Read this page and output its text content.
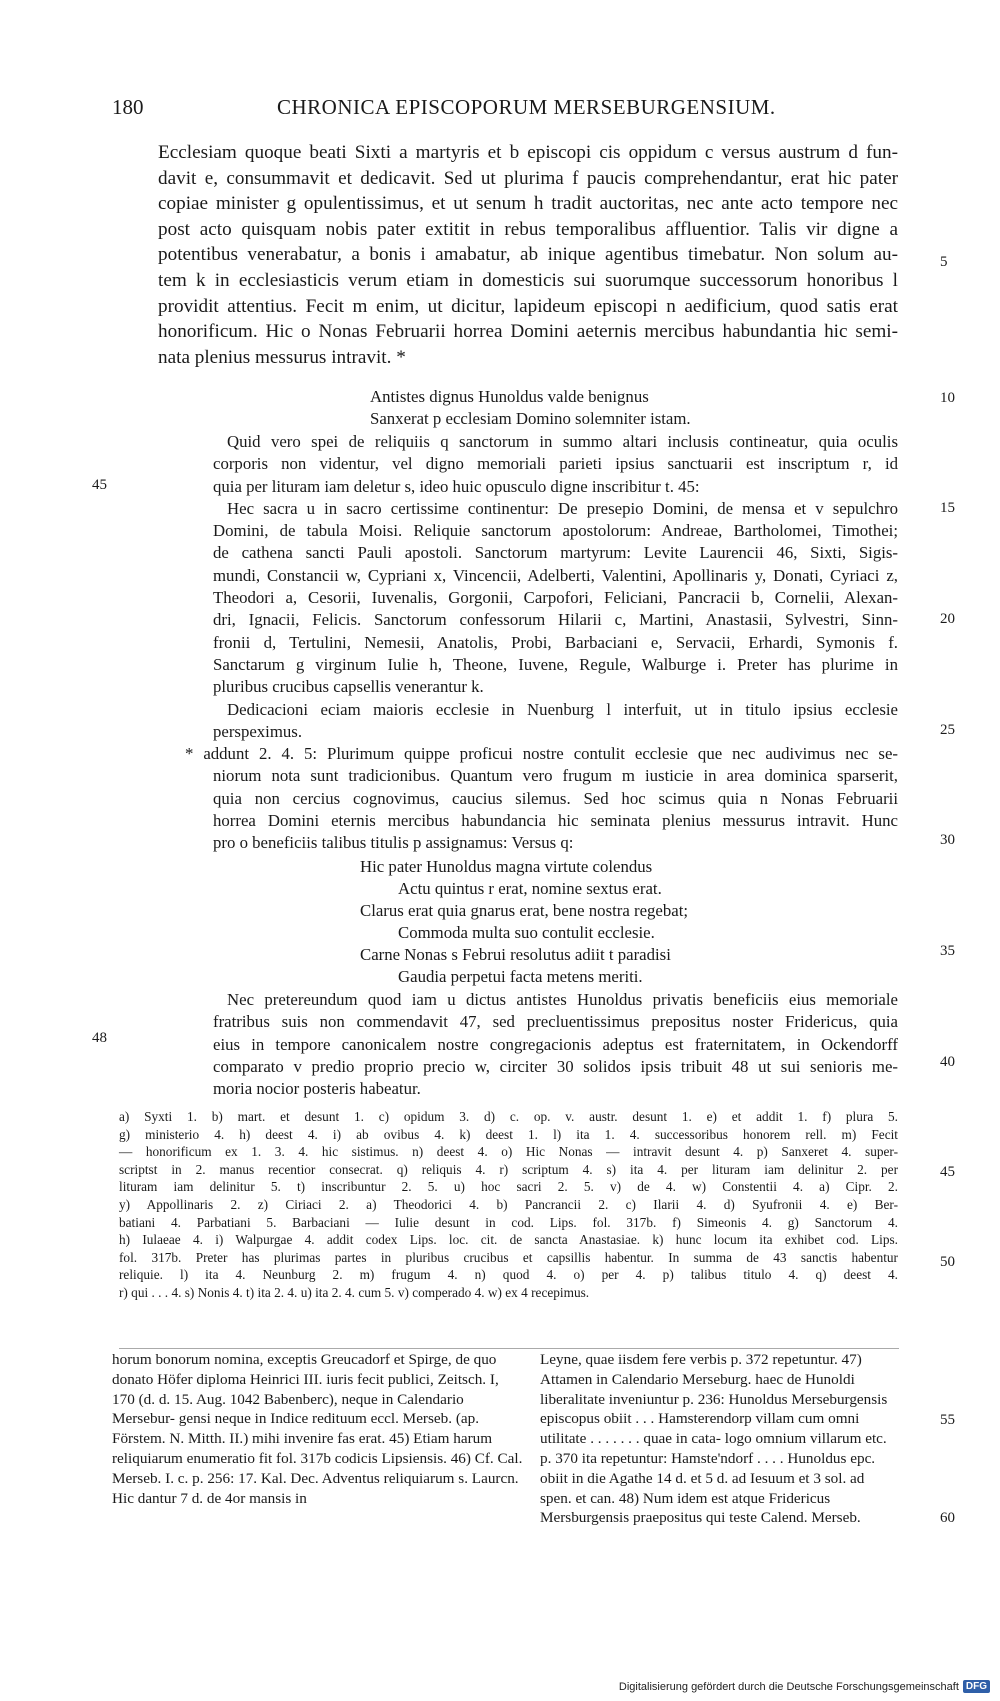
180	CHRONICA EPISCOPORUM MERSEBURGENSIUM.
Ecclesiam quoque beati Sixti a martyris et b episcopi cis oppidum c versus austrum d fun-
davit e, consummavit et dedicavit. Sed ut plurima f paucis comprehendantur, erat hic pater
copiae minister g opulentissimus, et ut senum h tradit auctoritas, nec ante acto tempore nec
post acto quisquam nobis pater extitit in rebus temporalibus affluentior. Talis vir digne a
potentibus venerabatur, a bonis i amabatur, ab inique agentibus timebatur. Non solum au-
tem k in ecclesiasticis verum etiam in domesticis sui suorumque successorum honoribus l
providit attentius. Fecit m enim, ut dicitur, lapideum episcopi n aedificium, quod satis erat
honorificum. Hic o Nonas Februarii horrea Domini aeternis mercibus habundantia hic semi-
nata plenius messurus intravit. *
Antistes dignus Hunoldus valde benignus
Sanxerat p ecclesiam Domino solemniter istam.
Quid vero spei de reliquiis q sanctorum in summo altari inclusis contineatur, quia oculis
corporis non videntur, vel digno memoriali parieti ipsius sanctuarii est inscriptum r, id
quia per lituram iam deletur s, ideo huic opusculo digne inscribitur t. 45:
Hec sacra u in sacro certissime continentur: De presepio Domini, de mensa et v sepulchro
Domini, de tabula Moisi. Reliquie sanctorum apostolorum: Andreae, Bartholomei, Timothei;
de cathena sancti Pauli apostoli. Sanctorum martyrum: Levite Laurencii 46, Sixti, Sigis-
mundi, Constancii w, Cypriani x, Vincencii, Adelberti, Valentini, Apollinaris y, Donati, Cyriaci z,
Theodori a, Cesorii, Iuvenalis, Gorgonii, Carpofori, Feliciani, Pancracii b, Cornelii, Alexan-
dri, Ignacii, Felicis. Sanctorum confessorum Hilarii c, Martini, Anastasii, Sylvestri, Sinn-
fronii d, Tertulini, Nemesii, Anatolis, Probi, Barbaciani e, Servacii, Erhardi, Symonis f.
Sanctarum g virginum Iulie h, Theone, Iuvene, Regule, Walburge i. Preter has plurime in
pluribus crucibus capsellis venerantur k.
Dedicacioni eciam maioris ecclesie in Nuenburg l interfuit, ut in titulo ipsius ecclesie
perspeximus.
* addunt 2. 4. 5: Plurimum quippe proficui nostre contulit ecclesie que nec audivimus nec se-
niorum nota sunt tradicionibus. Quantum vero frugum m iusticie in area dominica sparserit,
quia non cercius cognovimus, caucius silemus. Sed hoc scimus quia n Nonas Februarii
horrea Domini eternis mercibus habundancia hic seminata plenius messurus intravit. Hunc
pro o beneficiis talibus titulis p assignamus: Versus q:
Hic pater Hunoldus magna virtute colendus
Actu quintus r erat, nomine sextus erat.
Clarus erat quia gnarus erat, bene nostra regebat;
Commoda multa suo contulit ecclesie.
Carne Nonas s Februi resolutus adiit t paradisi
Gaudia perpetui facta metens meriti.
Nec pretereundum quod iam u dictus antistes Hunoldus privatis beneficiis eius memoriale
fratribus suis non commendavit 47, sed precluentissimus prepositus noster Fridericus, quia
eius in tempore canonicalem nostre congregacionis adeptus est fraternitatem, in Ockendorff
comparato v predio proprio precio w, circiter 30 solidos ipsis tribuit 48 ut sui senioris me-
moria nocior posteris habeatur.
a) Syxti 1. b) mart. et desunt 1. c) opidum 3. d) c. op. v. austr. desunt 1. e) et addit 1. f) plura 5.
g) ministerio 4. h) deest 4. i) ab ovibus 4. k) deest 1. l) ita 1. 4. successoribus honorem rell. m) Fecit
— honorificum ex 1. 3. 4. hic sistimus. n) deest 4. o) Hic Nonas — intravit desunt 4. p) Sanxeret 4. super-
scriptst in 2. manus recentior consecrat. q) reliquis 4. r) scriptum 4. s) ita 4. per lituram iam delinitur 2. per
lituram iam delinitur 5. t) inscribuntur 2. 5. u) hoc sacri 2. 5. v) de 4. w) Constentii 4. a) Cipr. 2.
y) Appollinaris 2. z) Ciriaci 2. a) Theodorici 4. b) Pancrancii 2. c) Ilarii 4. d) Syufronii 4. e) Ber-
batiani 4. Parbatiani 5. Barbaciani — Iulie desunt in cod. Lips. fol. 317b. f) Simeonis 4. g) Sanctorum 4.
h) Iulaeae 4. i) Walpurgae 4. addit codex Lips. loc. cit. de sancta Anastasiae. k) hunc locum ita exhibet cod. Lips.
fol. 317b. Preter has plurimas partes in pluribus crucibus et capsillis habentur. In summa de 43 sanctis habentur
reliquie. l) ita 4. Neunburg 2. m) frugum 4. n) quod 4. o) per 4. p) talibus titulo 4. q) deest 4.
r) qui . . . 4. s) Nonis 4. t) ita 2. 4. u) ita 2. 4. cum 5. v) comperado 4. w) ex 4 recepimus.
horum bonorum nomina, exceptis Greucadorf et Spirge, de quo donato Höfer diploma Heinrici III. iuris fecit publici, Zeitsch. I, 170 (d. d. 15. Aug. 1042 Babenberc), neque in Calendario Mersebur- gensi neque in Indice redituum eccl. Merseb. (ap. Förstem. N. Mitth. II.) mihi invenire fas erat. 45) Etiam harum reliquiarum enumeratio fit fol. 317b codicis Lipsiensis. 46) Cf. Cal. Merseb. I. c. p. 256: 17. Kal. Dec. Adventus reliquiarum s. Laurcn. Hic dantur 7 d. de 4or mansis in
Leyne, quae iisdem fere verbis p. 372 repetuntur. 47) Attamen in Calendario Merseburg. haec de Hunoldi liberalitate inveniuntur p. 236: Hunoldus Merseburgensis episcopus obiit . . . Hamsterendorp villam cum omni utilitate . . . . . . . quae in cata- logo omnium villarum etc. p. 370 ita repetuntur: Hamste'ndorf . . . . Hunoldus epc. obiit in die Agathe 14 d. et 5 d. ad Iesuum et 3 sol. ad spen. et can. 48) Num idem est atque Fridericus Mersburgensis praepositus qui teste Calend. Merseb.
5
10
15
20
25
30
35
40
45
50
55
60
45
48
Digitalisierung gefördert durch die Deutsche Forschungsgemeinschaft DFG
